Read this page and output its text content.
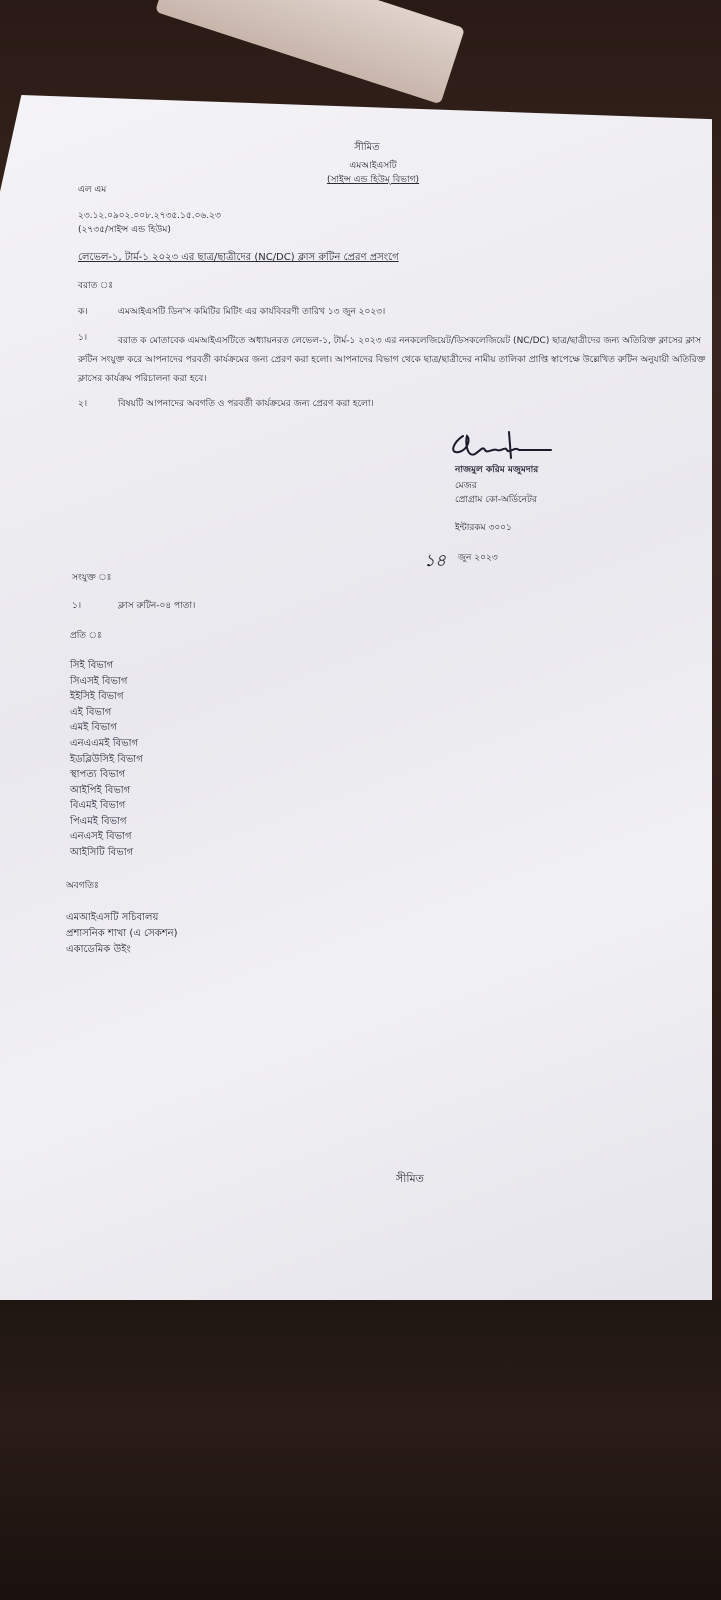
সীমিত
এমআইএসটি
(সাইন্স এন্ড হিউম্ বিভাগ)
এল এম
২৩.১২.০৯০২.০০৮.২৭৩৫.১৫.০৬.২৩
(২৭৩৫/সাইন্স এন্ড হিউম)
লেভেল-১, টার্ম-১ ২০২৩ এর ছাত্র/ছাত্রীদের (NC/DC) ক্লাস রুটিন প্রেরণ প্রসংগে
বরাত ঃ
ক।	এমআইএসটি ডিন'স কমিটির মিটিং এর কার্যবিবরণী তারিখ ১৩ জুন ২০২৩।
১।	বরাত ক মোতাবেক এমআইএসটিতে অধ্যায়নরত লেভেল-১, টার্ম-১ ২০২৩ এর ননকলেজিয়েট/ডিসকলেজিয়েট (NC/DC) ছাত্র/ছাত্রীদের জন্য অতিরিক্ত ক্লাসের ক্লাস রুটিন সংযুক্ত করে আপনাদের পরবর্তী কার্যক্রমের জন্য প্রেরণ করা হলো। আপনাদের বিভাগ থেকে ছাত্র/ছাত্রীদের নামীয় তালিকা প্রাপ্তি স্বাপেক্ষে উল্লেখিত রুটিন অনুযায়ী অতিরিক্ত ক্লাসের কার্যক্রম পরিচালনা করা হবে।
২।	বিষয়টি আপনাদের অবগতি ও পরবর্তী কার্যক্রমের জন্য প্রেরণ করা হলো।
নাজমুল করিম মজুমদার
মেজর
প্রোগ্রাম কো-অর্ডিনেটর
ইন্টারকম ৩০০১
১৪ জুন ২০২৩
সংযুক্ত ঃ
১।	ক্লাস রুটিন-০৪ পাতা।
প্রতি ঃ
সিই বিভাগ
সিএসই বিভাগ
ইইসিই বিভাগ
এই বিভাগ
এমই বিভাগ
এনএএমই বিভাগ
ইডব্লিউসিই বিভাগ
স্থাপত্য বিভাগ
আইপিই বিভাগ
বিএমই বিভাগ
পিএমই বিভাগ
এনএসই বিভাগ
আইসিটি বিভাগ
অবগতিঃ
এমআইএসটি সচিবালয়
প্রশাসনিক শাখা (এ সেকশন)
একাডেমিক উইং
সীমিত
